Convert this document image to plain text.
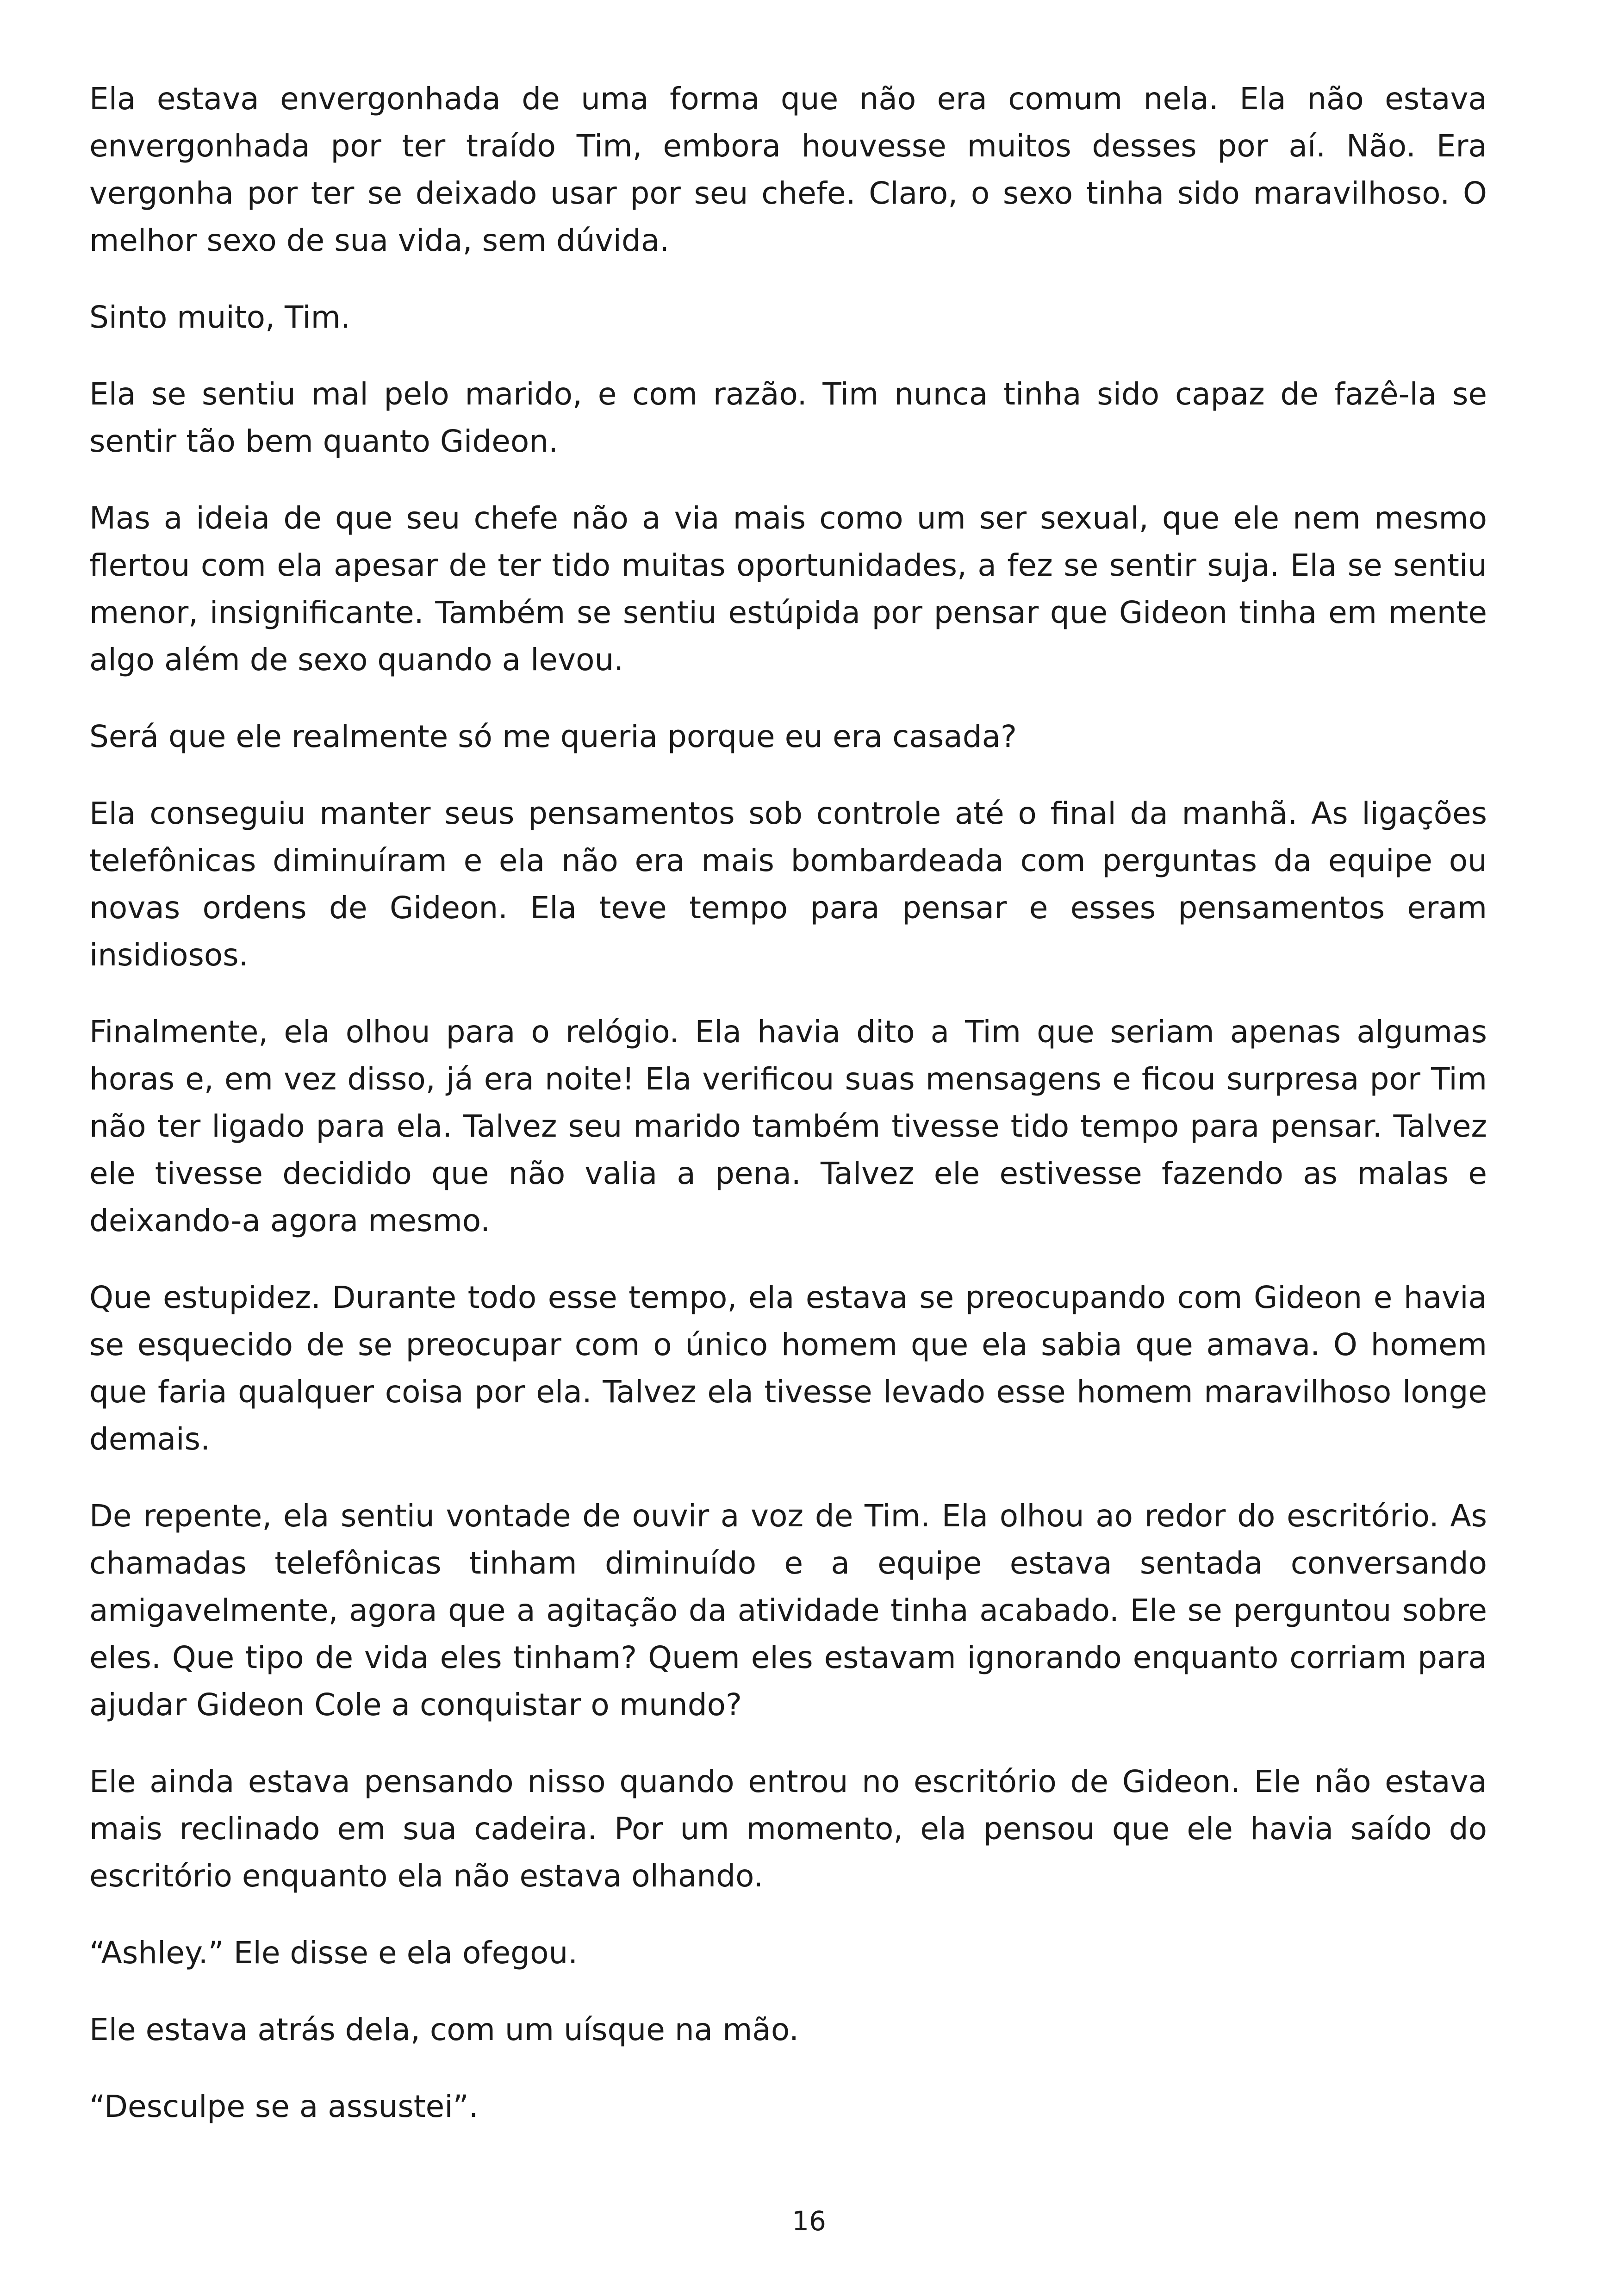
Ela estava envergonhada de uma forma que não era comum nela. Ela não estava envergonhada por ter traído Tim, embora houvesse muitos desses por aí. Não. Era vergonha por ter se deixado usar por seu chefe. Claro, o sexo tinha sido maravilhoso. O melhor sexo de sua vida, sem dúvida.

Sinto muito, Tim.

Ela se sentiu mal pelo marido, e com razão. Tim nunca tinha sido capaz de fazê-la se sentir tão bem quanto Gideon.

Mas a ideia de que seu chefe não a via mais como um ser sexual, que ele nem mesmo flertou com ela apesar de ter tido muitas oportunidades, a fez se sentir suja. Ela se sentiu menor, insignificante. Também se sentiu estúpida por pensar que Gideon tinha em mente algo além de sexo quando a levou.

Será que ele realmente só me queria porque eu era casada?

Ela conseguiu manter seus pensamentos sob controle até o final da manhã. As ligações telefônicas diminuíram e ela não era mais bombardeada com perguntas da equipe ou novas ordens de Gideon. Ela teve tempo para pensar e esses pensamentos eram insidiosos.

Finalmente, ela olhou para o relógio. Ela havia dito a Tim que seriam apenas algumas horas e, em vez disso, já era noite! Ela verificou suas mensagens e ficou surpresa por Tim não ter ligado para ela. Talvez seu marido também tivesse tido tempo para pensar. Talvez ele tivesse decidido que não valia a pena. Talvez ele estivesse fazendo as malas e deixando-a agora mesmo.

Que estupidez. Durante todo esse tempo, ela estava se preocupando com Gideon e havia se esquecido de se preocupar com o único homem que ela sabia que amava. O homem que faria qualquer coisa por ela. Talvez ela tivesse levado esse homem maravilhoso longe demais.

De repente, ela sentiu vontade de ouvir a voz de Tim. Ela olhou ao redor do escritório. As chamadas telefônicas tinham diminuído e a equipe estava sentada conversando amigavelmente, agora que a agitação da atividade tinha acabado. Ele se perguntou sobre eles. Que tipo de vida eles tinham? Quem eles estavam ignorando enquanto corriam para ajudar Gideon Cole a conquistar o mundo?

Ele ainda estava pensando nisso quando entrou no escritório de Gideon. Ele não estava mais reclinado em sua cadeira. Por um momento, ela pensou que ele havia saído do escritório enquanto ela não estava olhando.

“Ashley.” Ele disse e ela ofegou.

Ele estava atrás dela, com um uísque na mão.

“Desculpe se a assustei”.

16
